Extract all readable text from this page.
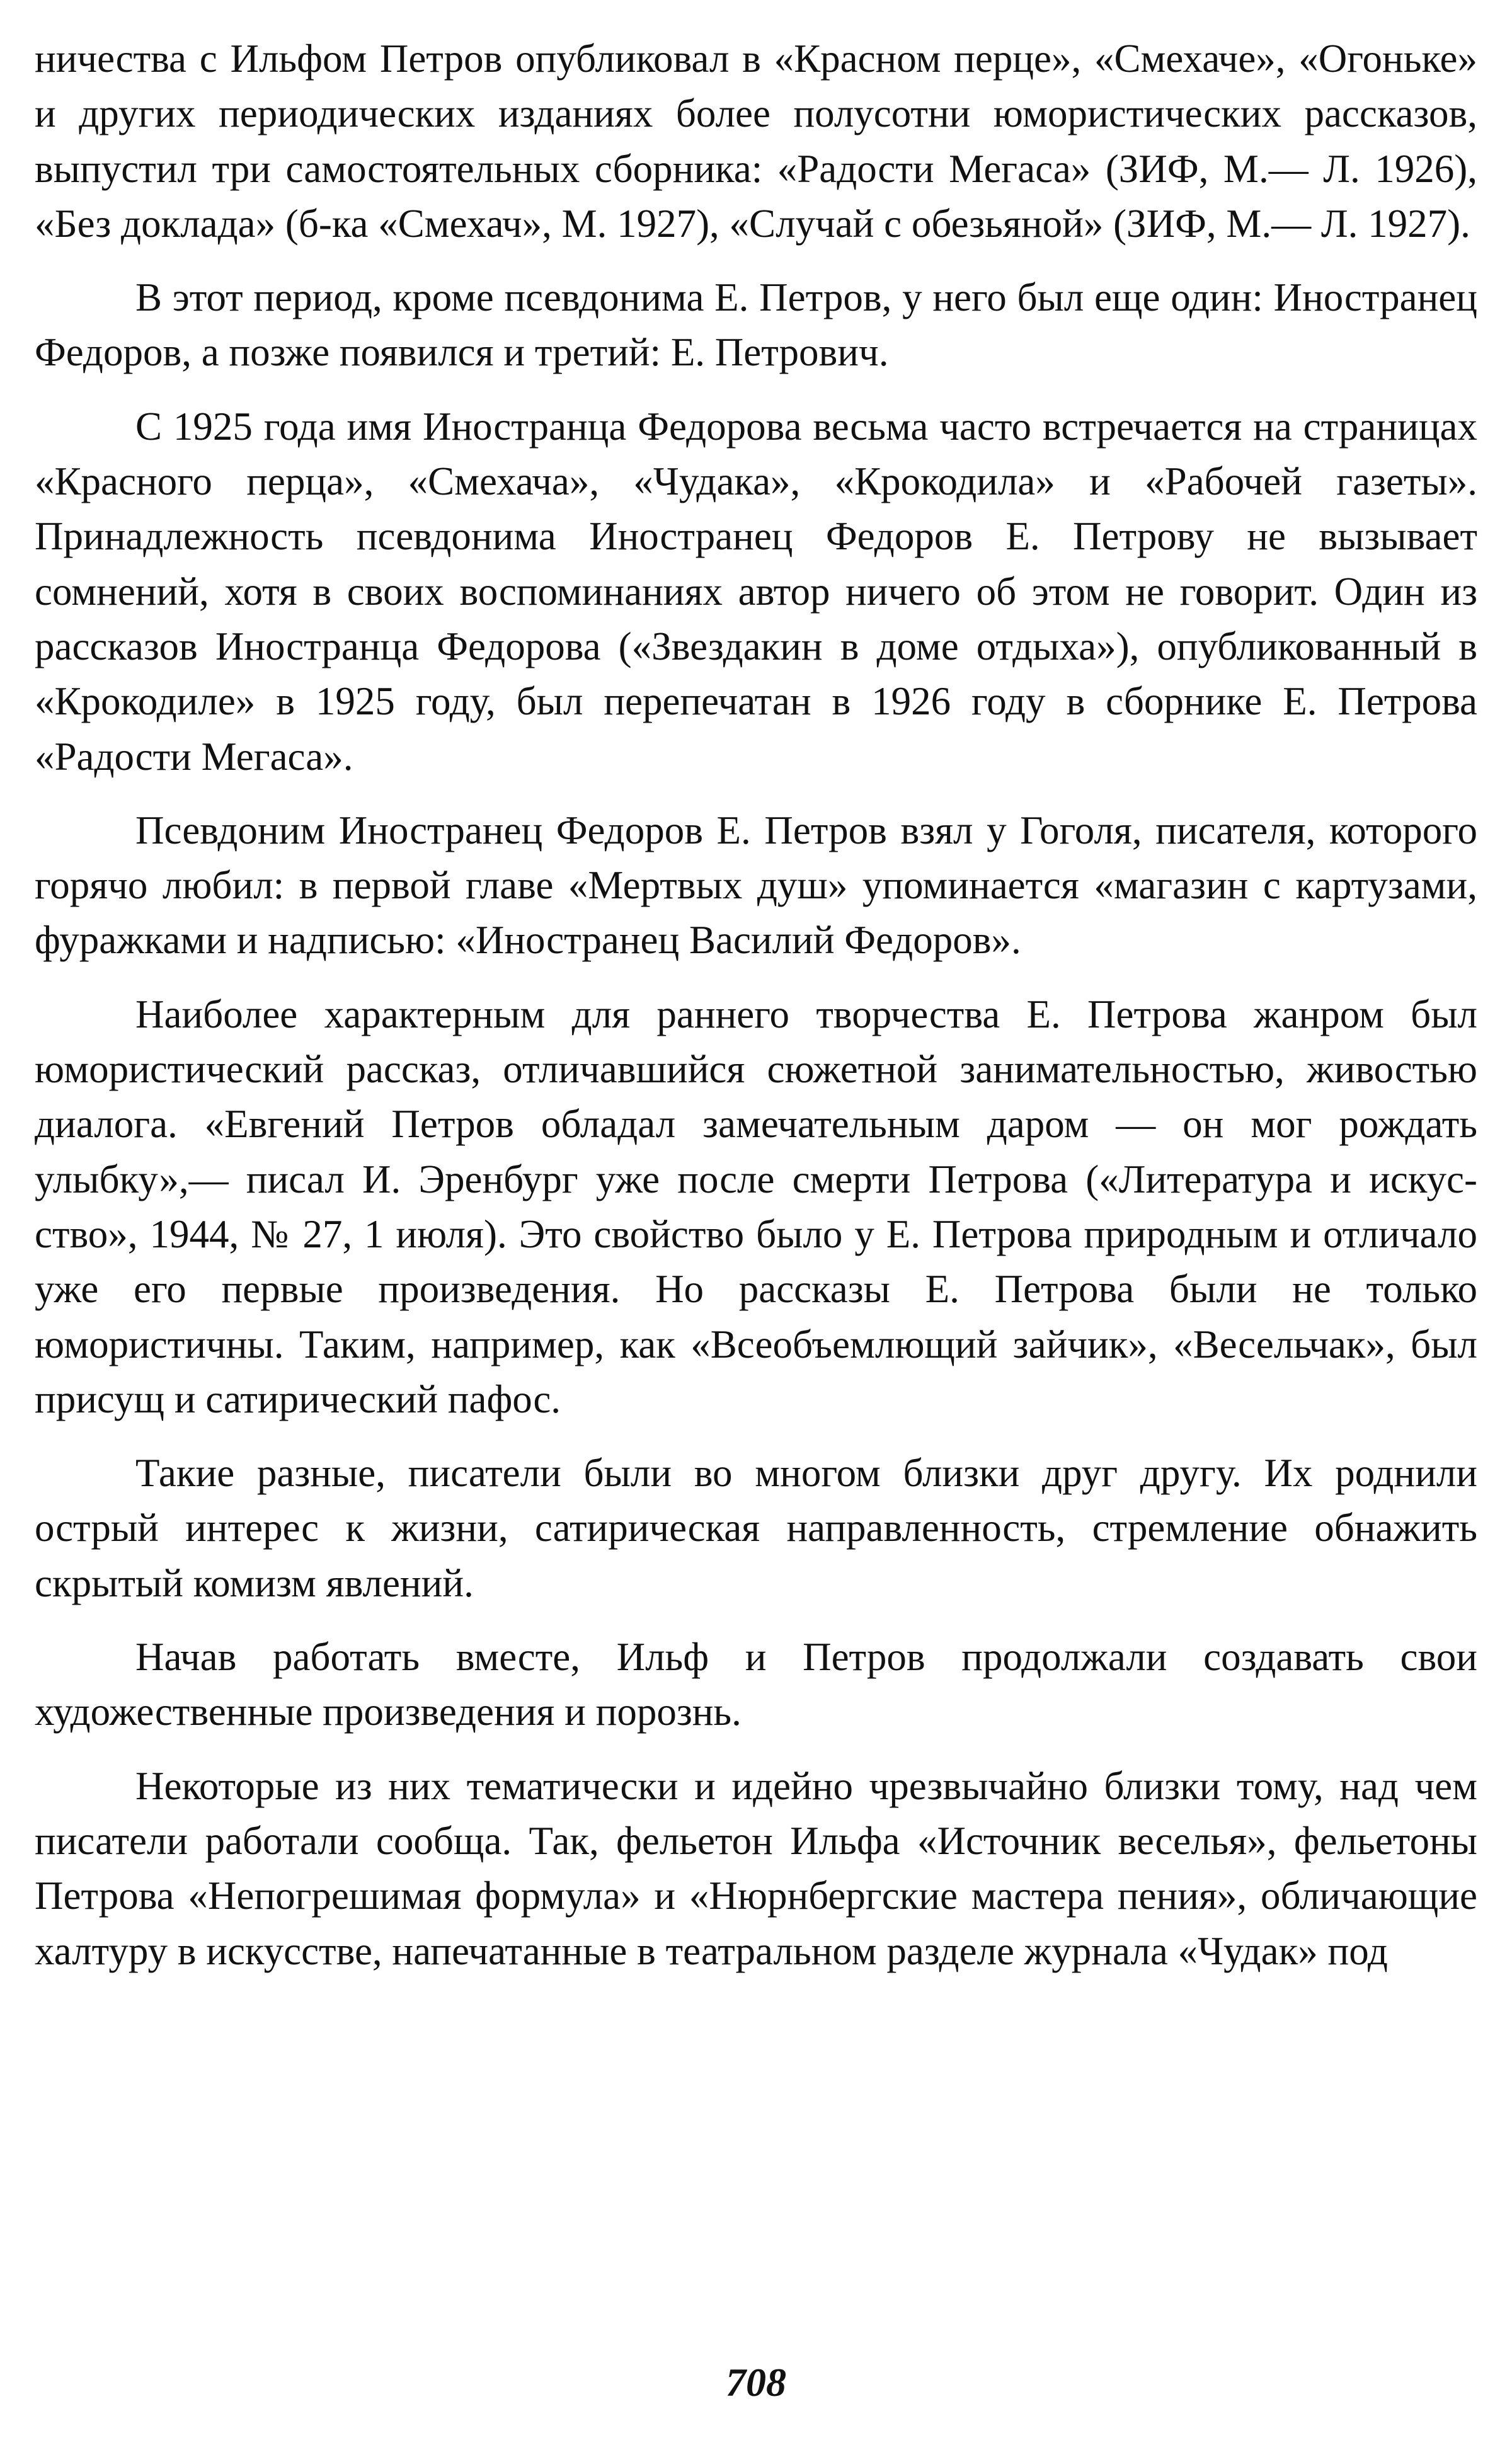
ничества с Ильфом Петров опубликовал в «Красном перце», «Смехаче», «Огоньке» и других периодических изданиях более полусотни юмористических рассказов, выпустил три самостоятельных сборника: «Радости Мегаса» (ЗИФ, М.— Л. 1926), «Без доклада» (б-ка «Смехач», М. 1927), «Случай с обезьяной» (ЗИФ, М.— Л. 1927).

В этот период, кроме псевдонима Е. Петров, у него был еще один: Иностранец Федоров, а позже появился и третий: Е. Петрович.

С 1925 года имя Иностранца Федорова весьма часто встречается на страницах «Красного перца», «Смехача», «Чудака», «Крокодила» и «Рабочей газеты». Принадлежность псевдонима Иностранец Федоров Е. Петрову не вызывает сомнений, хотя в своих воспоминаниях автор ничего об этом не говорит. Один из рассказов Иностранца Федорова («Звездакин в доме отдыха»), опубликованный в «Крокодиле» в 1925 году, был перепечатан в 1926 году в сборнике Е. Петрова «Радости Мегаса».

Псевдоним Иностранец Федоров Е. Петров взял у Гоголя, писателя, которого горячо любил: в первой главе «Мертвых душ» упоминается «магазин с картузами, фуражками и надписью: «Иностранец Василий Федоров».

Наиболее характерным для раннего творчества Е. Петрова жанром был юмористический рассказ, отличавшийся сюжетной занимательностью, живостью диалога. «Евгений Петров обладал замечательным даром — он мог рождать улыбку»,— писал И. Эренбург уже после смерти Петрова («Литература и искусство», 1944, № 27, 1 июля). Это свойство было у Е. Петрова природным и отличало уже его первые произведения. Но рассказы Е. Петрова были не только юмористичны. Таким, например, как «Всеобъемлющий зайчик», «Весельчак», был присущ и сатирический пафос.

Такие разные, писатели были во многом близки друг другу. Их роднили острый интерес к жизни, сатирическая направленность, стремление обнажить скрытый комизм явлений.

Начав работать вместе, Ильф и Петров продолжали создавать свои художественные произведения и порознь.

Некоторые из них тематически и идейно чрезвычайно близки тому, над чем писатели работали сообща. Так, фельетон Ильфа «Источник веселья», фельетоны Петрова «Непогрешимая формула» и «Нюрнбергские мастера пения», обличающие халтуру в искусстве, напечатанные в театральном разделе журнала «Чудак» под

708
